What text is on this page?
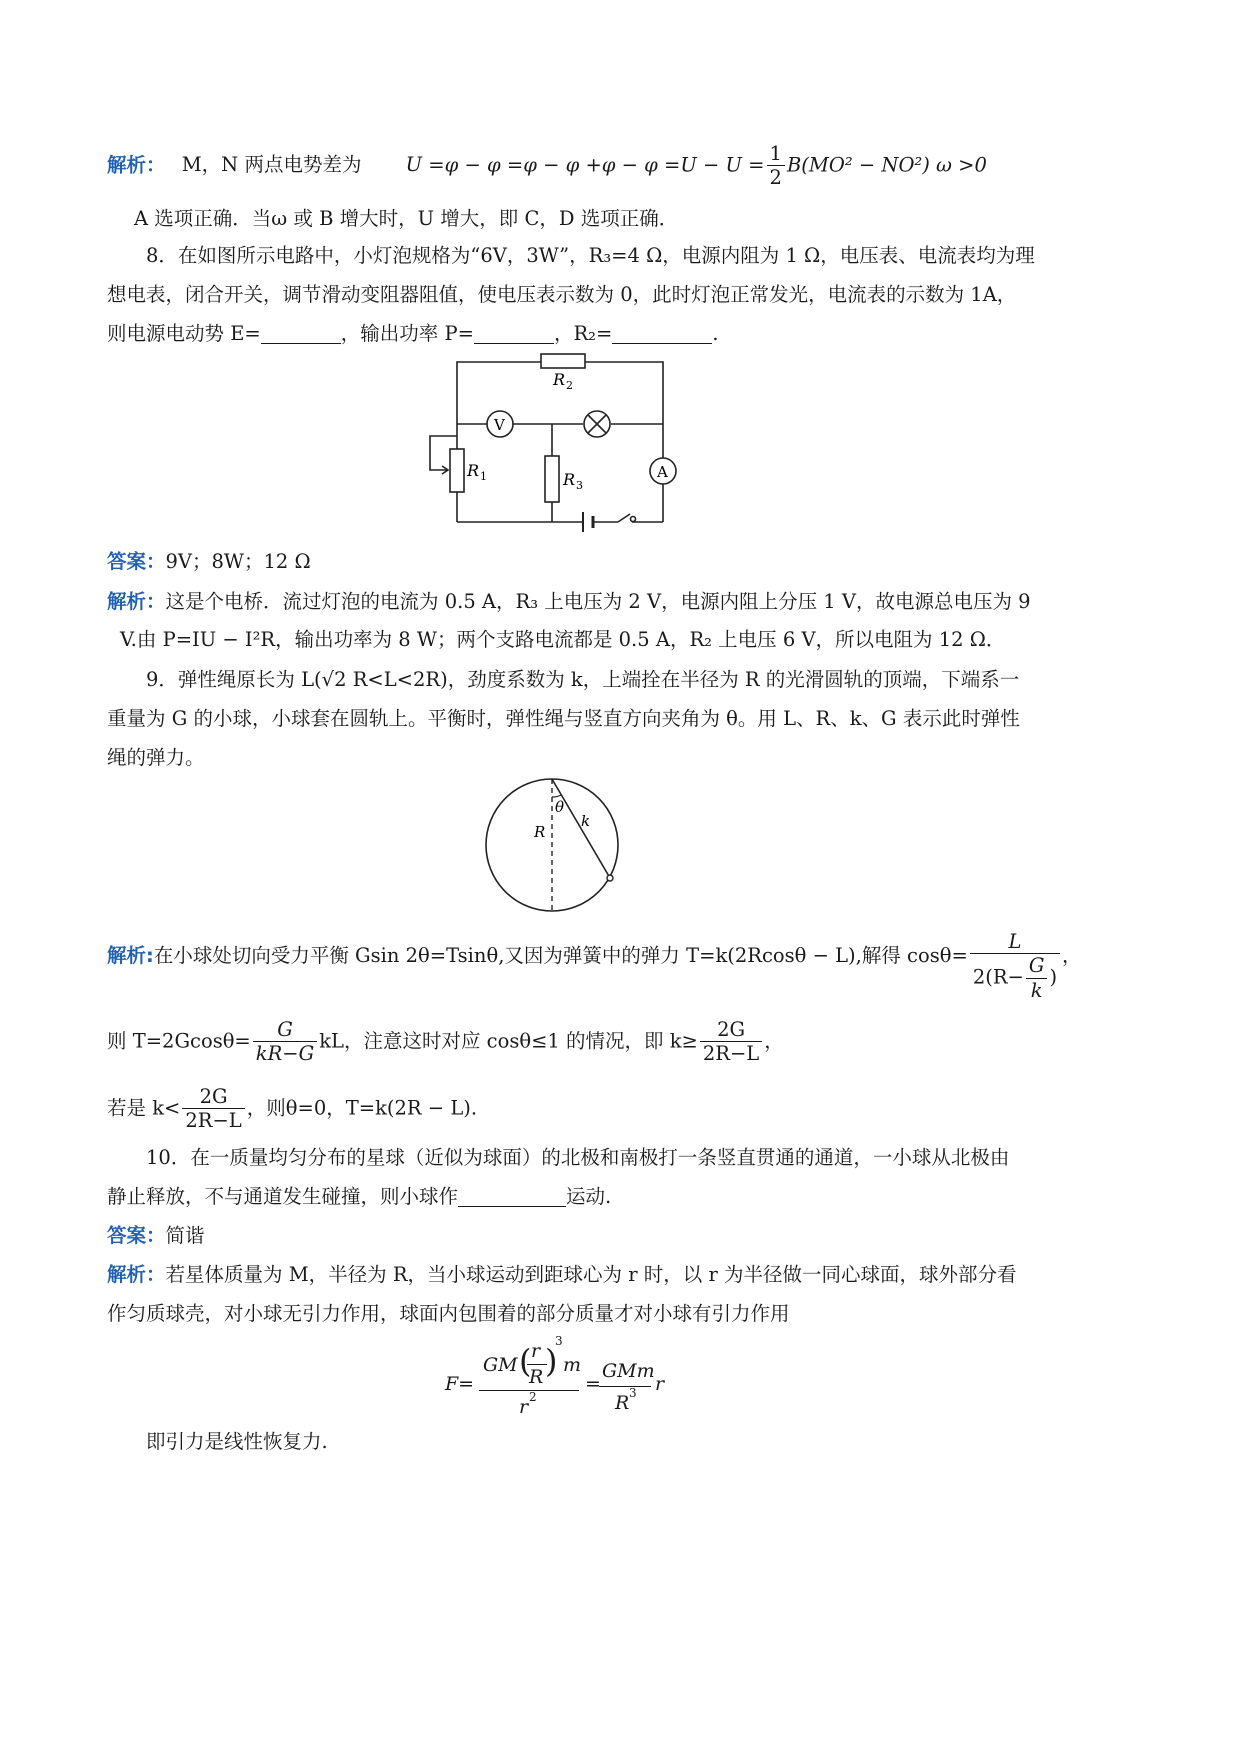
解析： M，N 两点电势差为 $U =\varphi - \varphi =\varphi - \varphi +\varphi - \varphi =U - U = \frac{1}{2} B(MO^2 - NO^2)$ ω >0
A 选项正确．当ω 或 B 增大时，U 增大，即 C，D 选项正确．
8．在如图所示电路中，小灯泡规格为“6V，3W”，R₃=4 Ω，电源内阻为 1 Ω，电压表、电流表均为理
想电表，闭合开关，调节滑动变阻器阻值，使电压表示数为 0，此时灯泡正常发光，电流表的示数为 1A，
则电源电动势 E=	，输出功率 P=	，R₂=	.
R 2
V
R 1	R 3
A
答案：9V；8W；12 Ω
解析：这是个电桥．流过灯泡的电流为 0.5 A，R₃ 上电压为 2 V，电源内阻上分压 1 V，故电源总电压为 9
V.由 P=IU − I²R，输出功率为 8 W；两个支路电流都是 0.5 A，R₂ 上电压 6 V，所以电阻为 12 Ω．
9．弹性绳原长为 L(√2 R<L<2R)，劲度系数为 k，上端拴在半径为 R 的光滑圆轨的顶端，下端系一
重量为 G 的小球，小球套在圆轨上。平衡时，弹性绳与竖直方向夹角为 θ。用 L、R、k、G 表示此时弹性
绳的弹力。
θ
k
R
解析:在小球处切向受力平衡 Gsin 2θ=Tsinθ,又因为弹簧中的弹力 T=k(2Rcosθ − L),解得 $\cos\theta= \frac{L}{2(R- \frac{G}{k} )}$ ，
则 $T=2Gcos\theta= \frac{G}{kR-G}$ kL，注意这时对应 cosθ≤1 的情况，即 $k\ge \frac{2G}{2R-L}$ ，
若是 $k< \frac{2G}{2R-L}$ ，则θ=0，T=k(2R − L).
10．在一质量均匀分布的星球（近似为球面）的北极和南极打一条竖直贯通的通道，一小球从北极由
静止释放，不与通道发生碰撞，则小球作	运动.
答案：简谐
解析：若星体质量为 M，半径为 R，当小球运动到距球心为 r 时，以 r 为半径做一同心球面，球外部分看
作匀质球壳，对小球无引力作用，球面内包围着的部分质量才对小球有引力作用
F=
GM ( r
R )
3
m
r 2
=
GMm
R 3 r
即引力是线性恢复力.
